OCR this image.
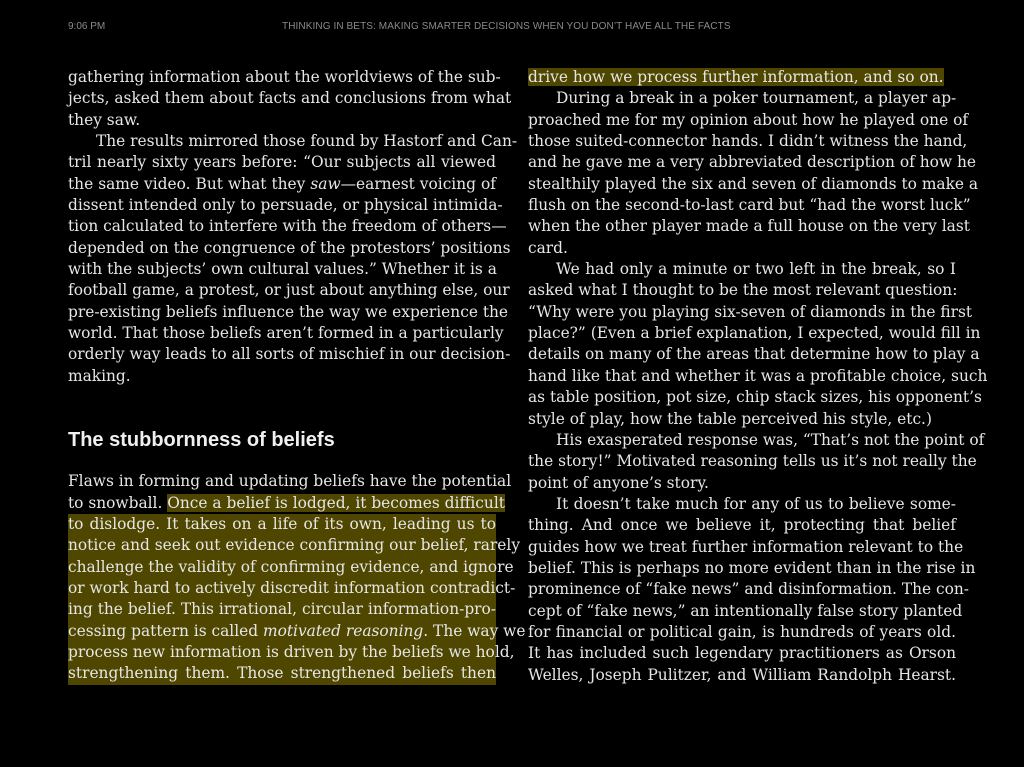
9:06 PM	THINKING IN BETS: MAKING SMARTER DECISIONS WHEN YOU DON’T HAVE ALL THE FACTS
gathering information about the worldviews of the sub-
jects, asked them about facts and conclusions from what
they saw.
The results mirrored those found by Hastorf and Can-
tril nearly sixty years before: “Our subjects all viewed
the same video. But what they saw—earnest voicing of
dissent intended only to persuade, or physical intimida-
tion calculated to interfere with the freedom of others—
depended on the congruence of the protestors’ positions
with the subjects’ own cultural values.” Whether it is a
football game, a protest, or just about anything else, our
pre-existing beliefs influence the way we experience the
world. That those beliefs aren’t formed in a particularly
orderly way leads to all sorts of mischief in our decision-
making.
The stubbornness of beliefs
Flaws in forming and updating beliefs have the potential
to snowball. Once a belief is lodged, it becomes difficult
to dislodge. It takes on a life of its own, leading us to
notice and seek out evidence confirming our belief, rarely
challenge the validity of confirming evidence, and ignore
or work hard to actively discredit information contradict-
ing the belief. This irrational, circular information-pro-
cessing pattern is called motivated reasoning. The way we
process new information is driven by the beliefs we hold,
strengthening them. Those strengthened beliefs then
drive how we process further information, and so on.
During a break in a poker tournament, a player ap-
proached me for my opinion about how he played one of
those suited-connector hands. I didn’t witness the hand,
and he gave me a very abbreviated description of how he
stealthily played the six and seven of diamonds to make a
flush on the second-to-last card but “had the worst luck”
when the other player made a full house on the very last
card.
We had only a minute or two left in the break, so I
asked what I thought to be the most relevant question:
“Why were you playing six-seven of diamonds in the first
place?” (Even a brief explanation, I expected, would fill in
details on many of the areas that determine how to play a
hand like that and whether it was a profitable choice, such
as table position, pot size, chip stack sizes, his opponent’s
style of play, how the table perceived his style, etc.)
His exasperated response was, “That’s not the point of
the story!” Motivated reasoning tells us it’s not really the
point of anyone’s story.
It doesn’t take much for any of us to believe some-
thing. And once we believe it, protecting that belief
guides how we treat further information relevant to the
belief. This is perhaps no more evident than in the rise in
prominence of “fake news” and disinformation. The con-
cept of “fake news,” an intentionally false story planted
for financial or political gain, is hundreds of years old.
It has included such legendary practitioners as Orson
Welles, Joseph Pulitzer, and William Randolph Hearst.
